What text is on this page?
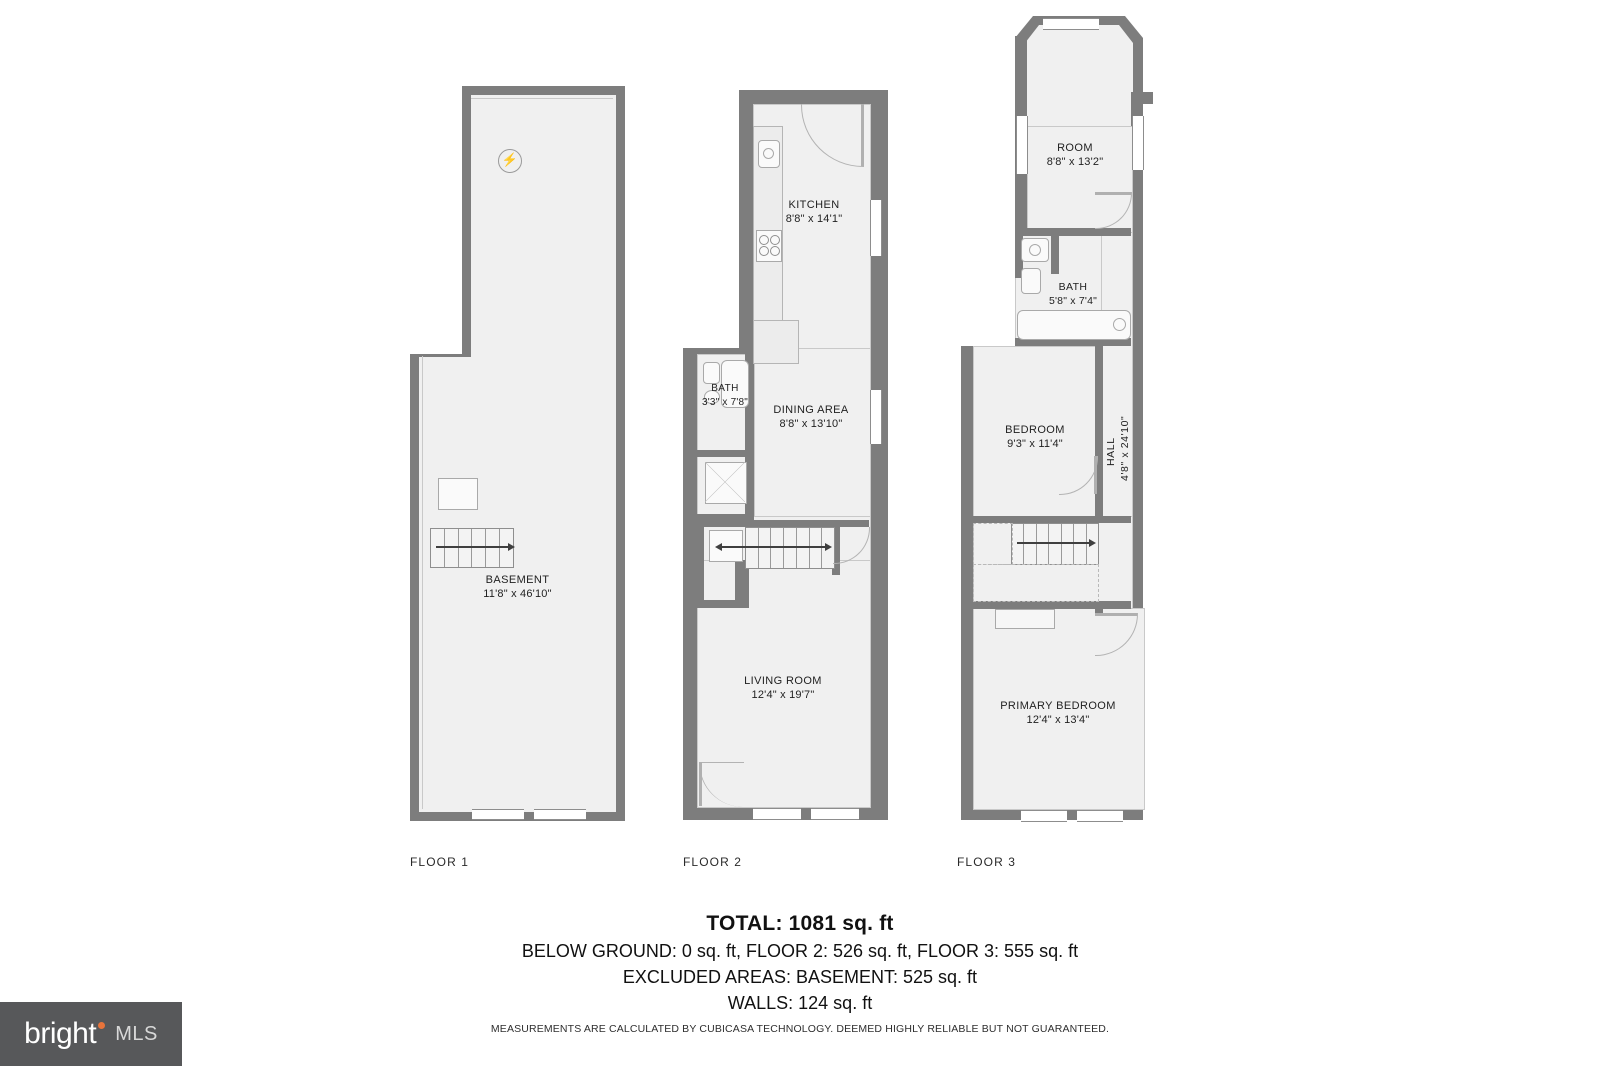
⚡
BASEMENT
11'8" x 46'10"
FLOOR 1
KITCHEN
8'8" x 14'1"
BATH
3'3" x 7'8"
DINING AREA
8'8" x 13'10"
LIVING ROOM
12'4" x 19'7"
FLOOR 2
ROOM
8'8" x 13'2"
BATH
5'8" x 7'4"
BEDROOM
9'3" x 11'4"	HALL 4'8" x 24'10"
PRIMARY BEDROOM
12'4" x 13'4"
FLOOR 3
TOTAL: 1081 sq. ft
BELOW GROUND: 0 sq. ft, FLOOR 2: 526 sq. ft, FLOOR 3: 555 sq. ft
EXCLUDED AREAS: BASEMENT: 525 sq. ft
WALLS: 124 sq. ft
MEASUREMENTS ARE CALCULATED BY CUBICASA TECHNOLOGY. DEEMED HIGHLY RELIABLE BUT NOT GUARANTEED.
bright MLS
